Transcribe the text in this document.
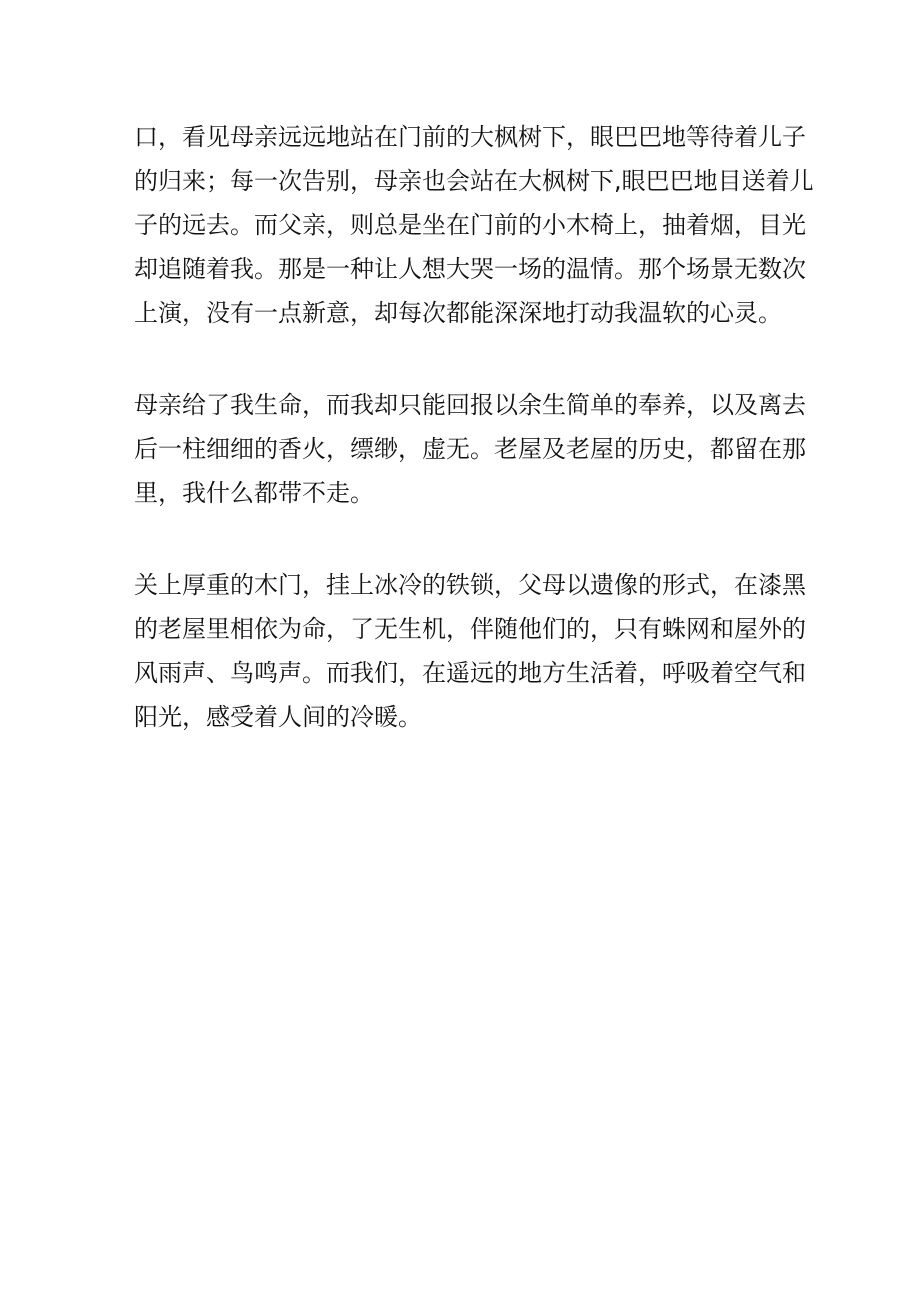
口，看见母亲远远地站在门前的大枫树下，眼巴巴地等待着儿子
的归来；每一次告别，母亲也会站在大枫树下,眼巴巴地目送着儿
子的远去。而父亲，则总是坐在门前的小木椅上，抽着烟，目光
却追随着我。那是一种让人想大哭一场的温情。那个场景无数次
上演，没有一点新意，却每次都能深深地打动我温软的心灵。
母亲给了我生命，而我却只能回报以余生简单的奉养，以及离去
后一柱细细的香火，缥缈，虚无。老屋及老屋的历史，都留在那
里，我什么都带不走。
关上厚重的木门，挂上冰冷的铁锁，父母以遗像的形式，在漆黑
的老屋里相依为命，了无生机，伴随他们的，只有蛛网和屋外的
风雨声、鸟鸣声。而我们，在遥远的地方生活着，呼吸着空气和
阳光，感受着人间的冷暖。
